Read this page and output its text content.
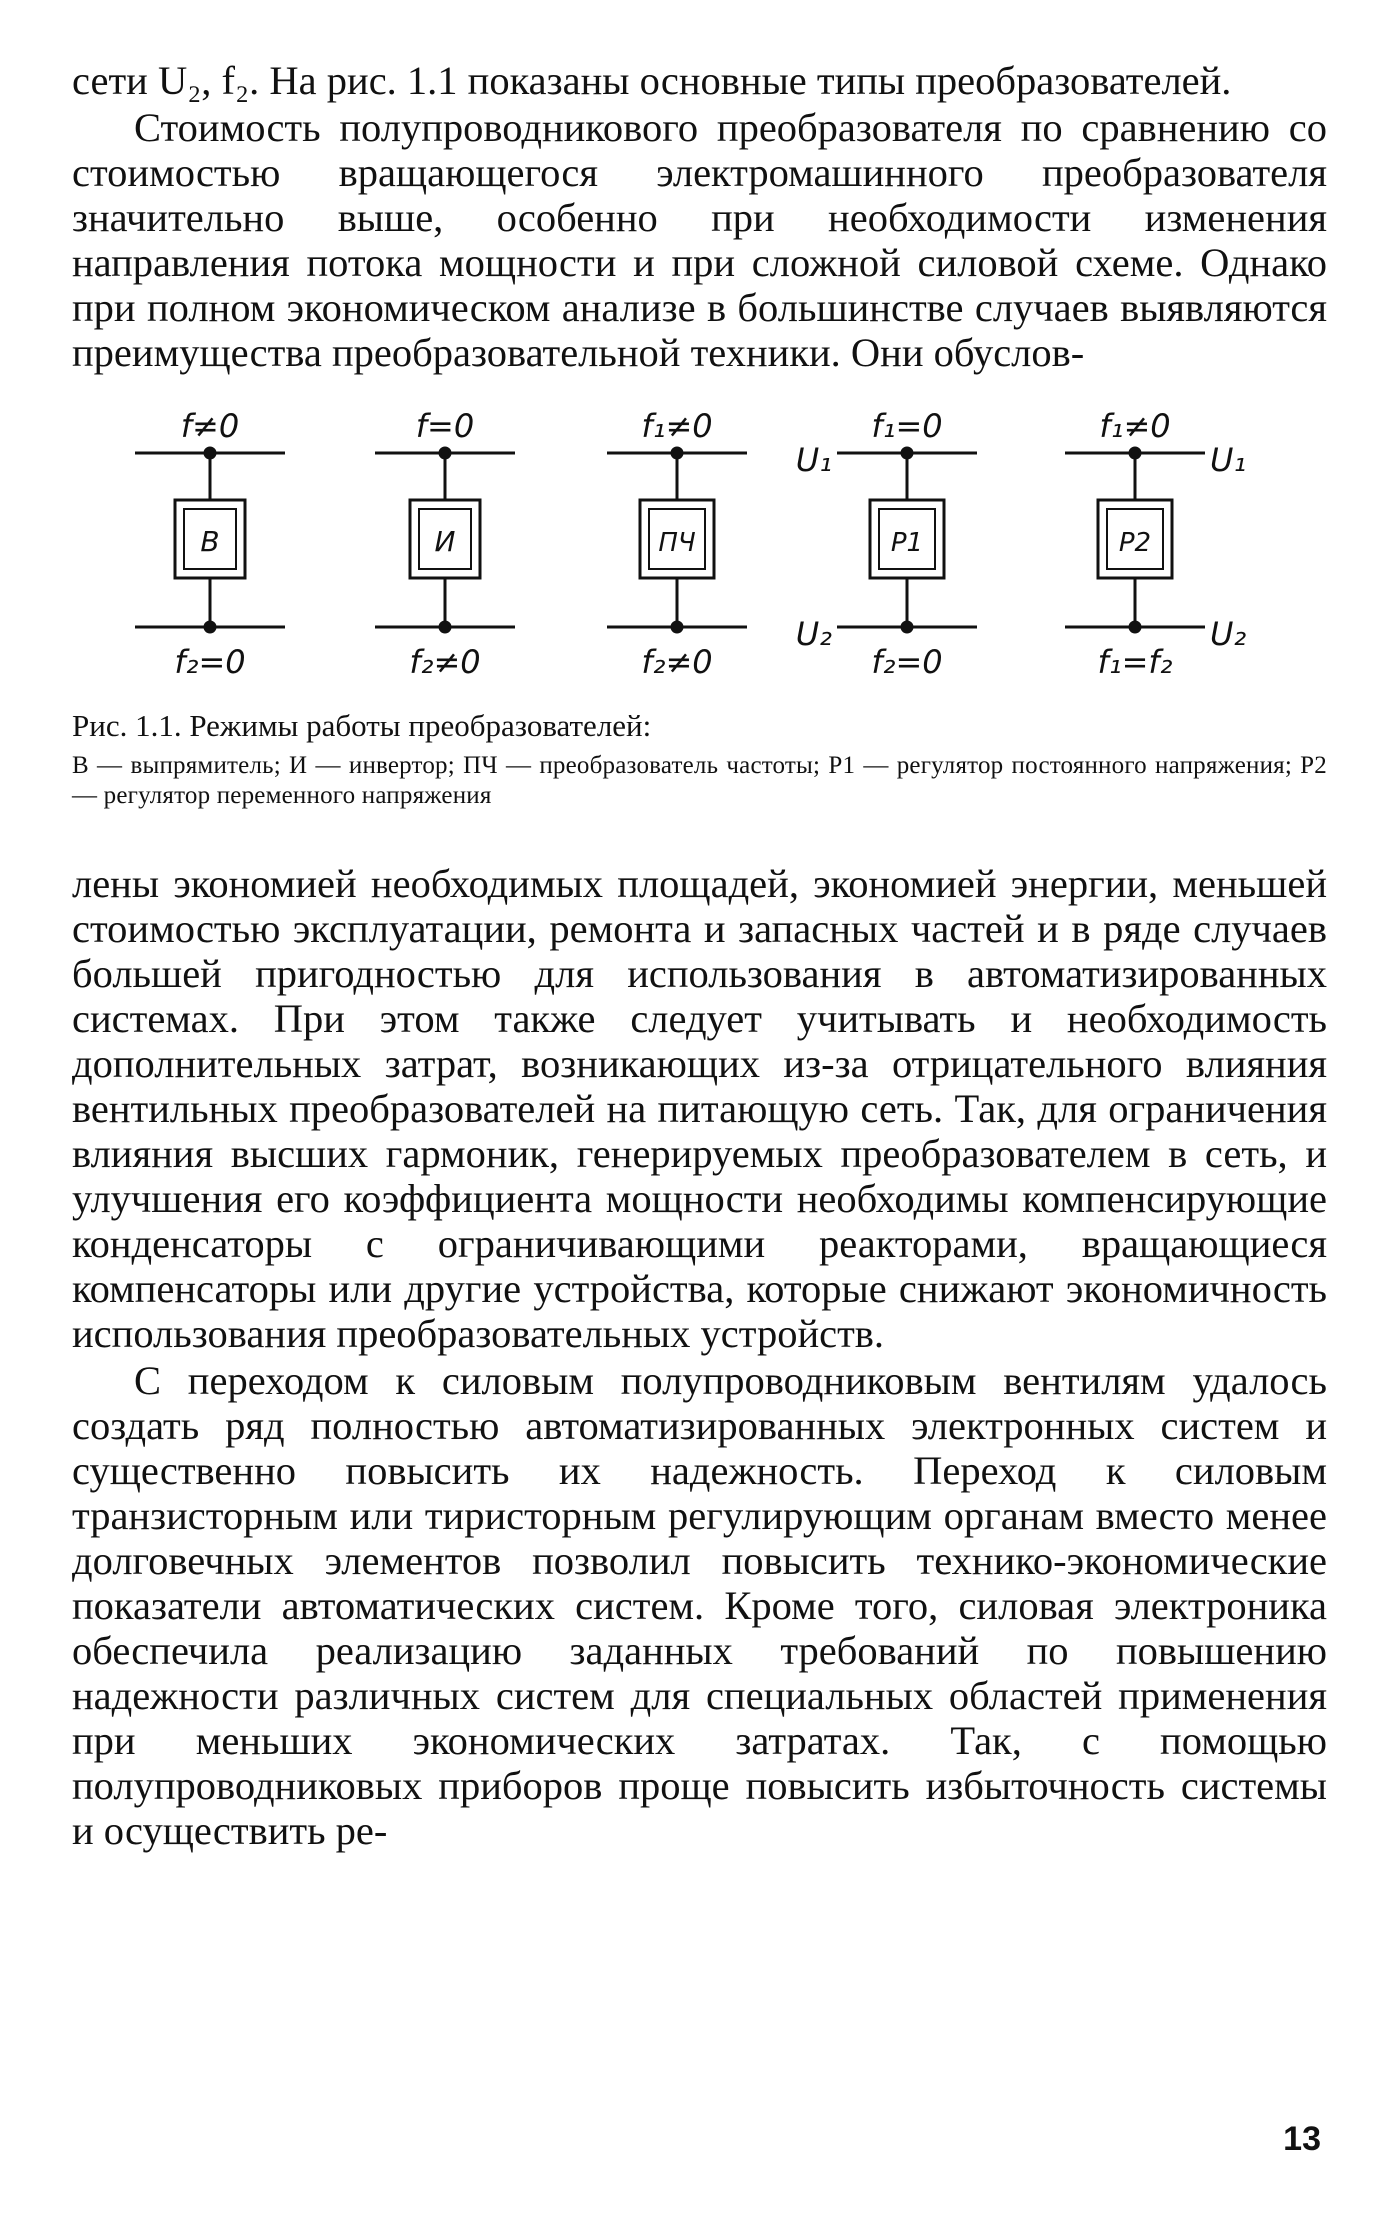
сети U₂, f₂. На рис. 1.1 показаны основные типы преобразователей.

Стоимость полупроводникового преобразователя по сравнению со стоимостью вращающегося электромашинного преобразователя значительно выше, особенно при необходимости изменения направления потока мощности и при сложной силовой схеме. Однако при полном экономическом анализе в большинстве случаев выявляются преимущества преобразовательной техники. Они обуслов-

В	И	ПЧ	Р1	Р2
f≠0	f=0	f₁≠0	f₁=0	f₁≠0
f₂=0	f₂≠0	f₂≠0	f₂=0	f₁=f₂
U₁
U₂
U₁
U₂

Рис. 1.1. Режимы работы преобразователей:

В — выпрямитель; И — инвертор; ПЧ — преобразователь частоты; Р1 — регулятор постоянного напряжения; Р2 — регулятор переменного напряжения

лены экономией необходимых площадей, экономией энергии, меньшей стоимостью эксплуатации, ремонта и запасных частей и в ряде случаев большей пригодностью для использования в автоматизированных системах. При этом также следует учитывать и необходимость дополнительных затрат, возникающих из-за отрицательного влияния вентильных преобразователей на питающую сеть. Так, для ограничения влияния высших гармоник, генерируемых преобразователем в сеть, и улучшения его коэффициента мощности необходимы компенсирующие конденсаторы с ограничивающими реакторами, вращающиеся компенсаторы или другие устройства, которые снижают экономичность использования преобразовательных устройств.

С переходом к силовым полупроводниковым вентилям удалось создать ряд полностью автоматизированных электронных систем и существенно повысить их надежность. Переход к силовым транзисторным или тиристорным регулирующим органам вместо менее долговечных элементов позволил повысить технико-экономические показатели автоматических систем. Кроме того, силовая электроника обеспечила реализацию заданных требований по повышению надежности различных систем для специальных областей применения при меньших экономических затратах. Так, с помощью полупроводниковых приборов проще повысить избыточность системы и осуществить ре-

13
